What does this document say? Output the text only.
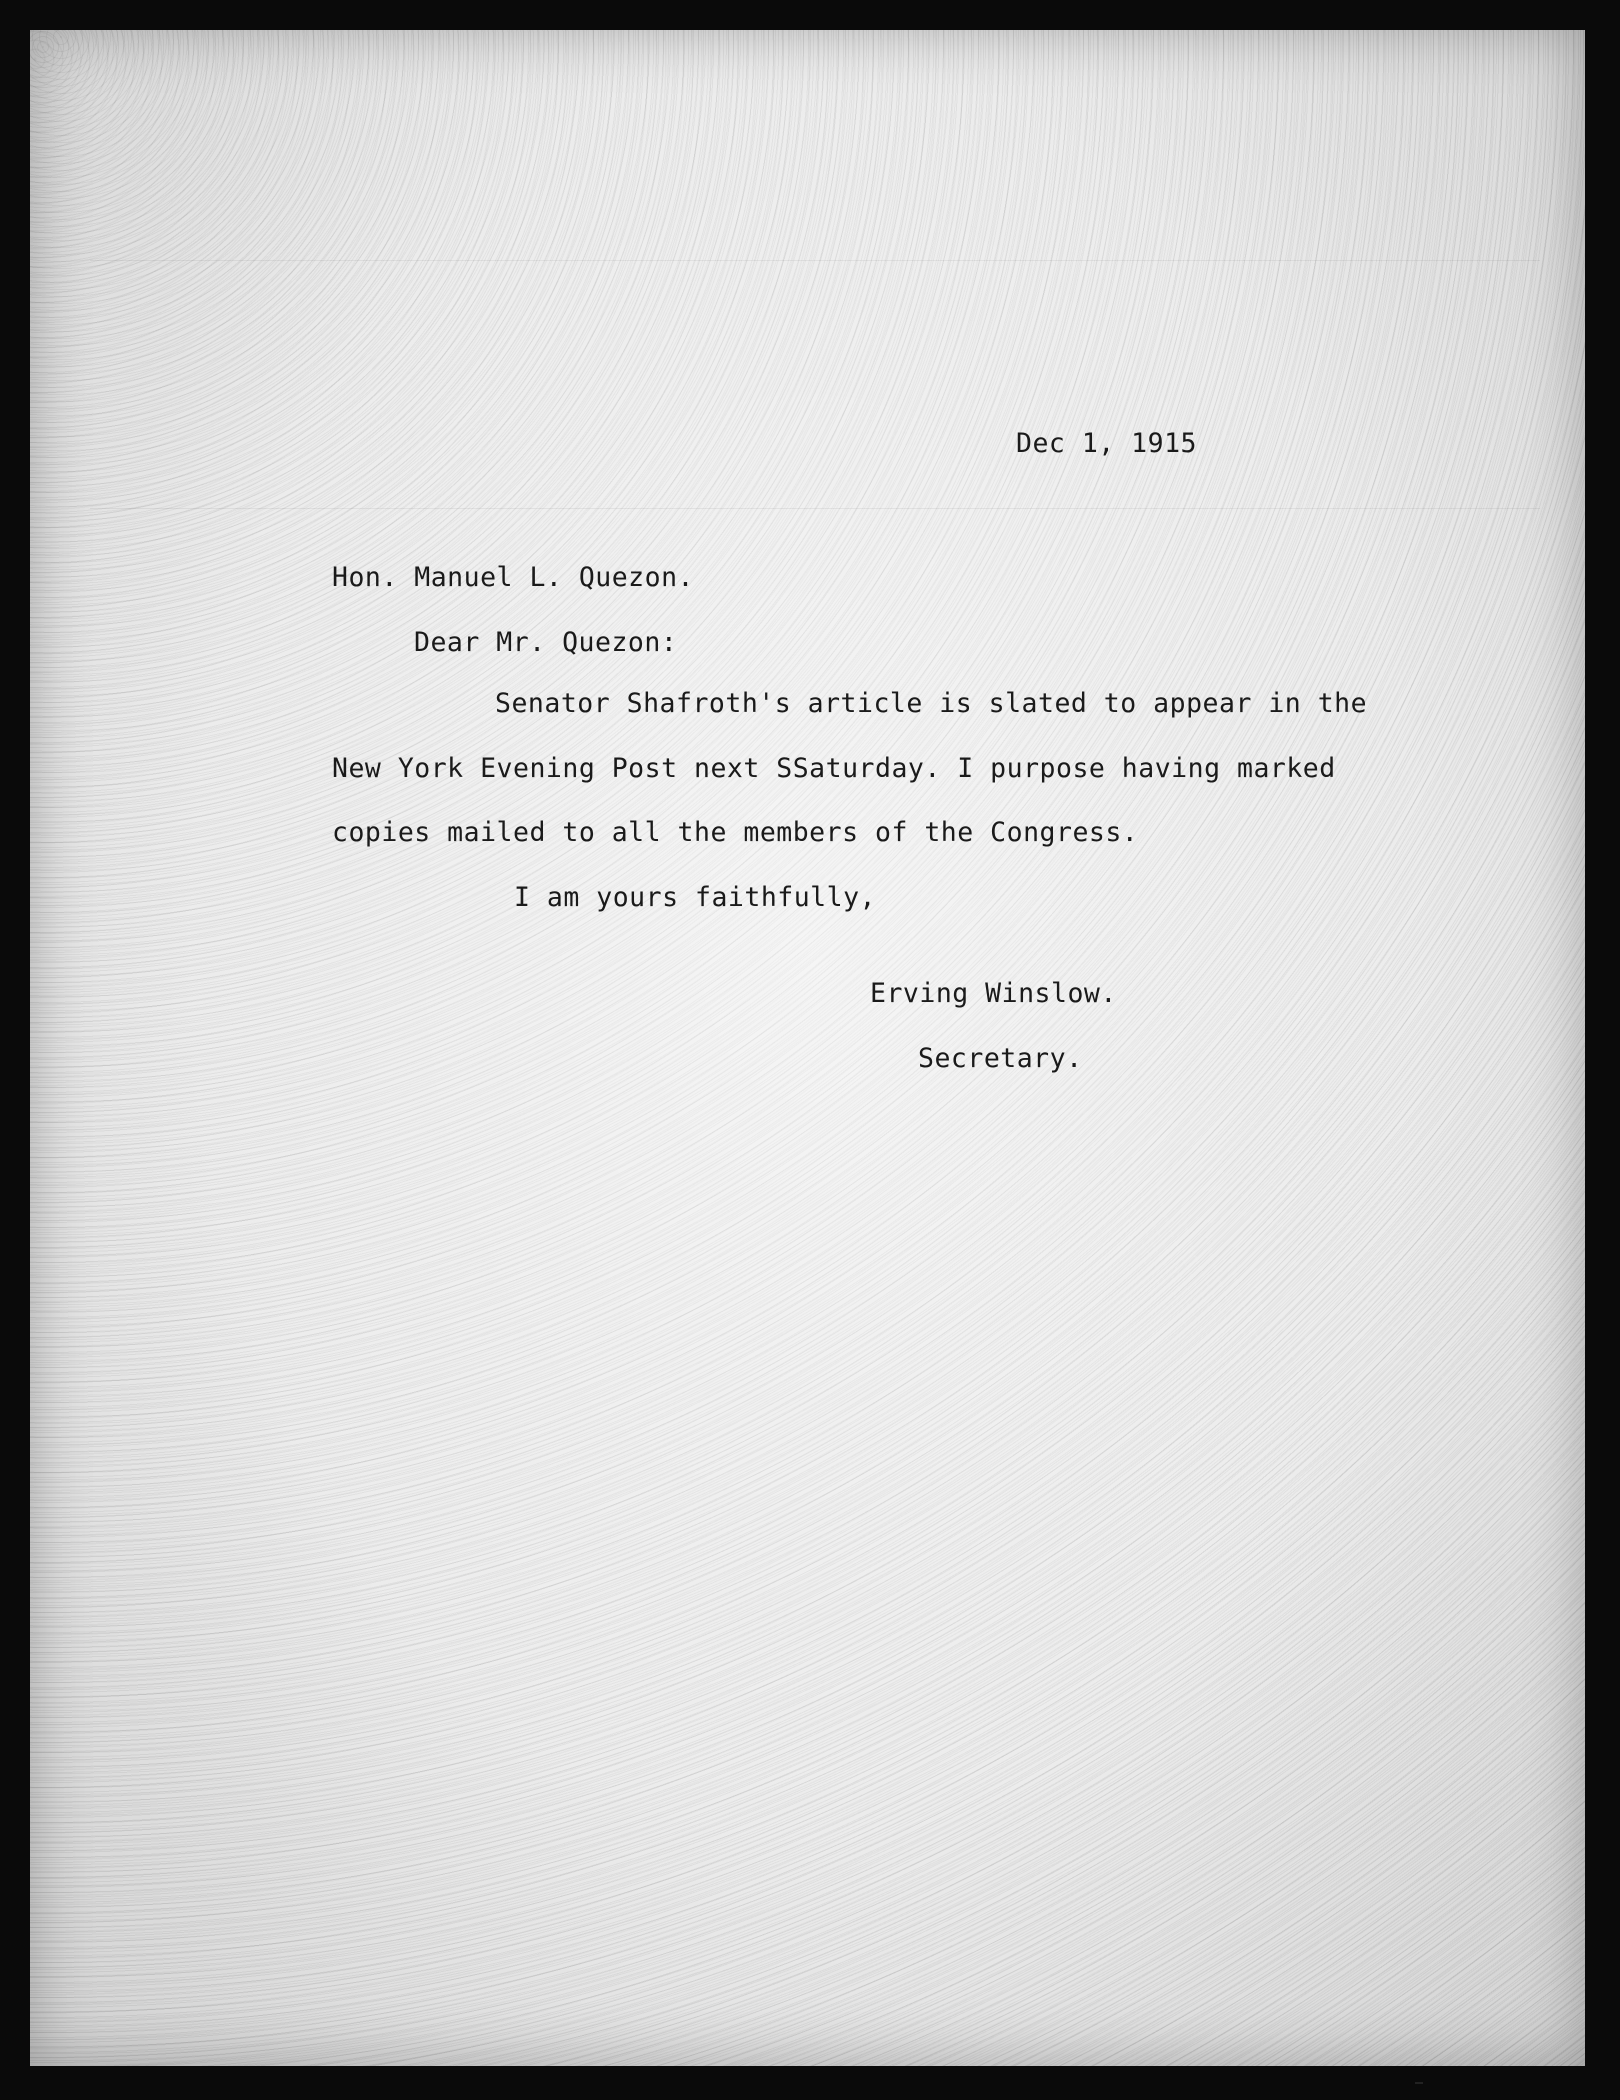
Dec 1, 1915
Hon. Manuel L. Quezon.
Dear Mr. Quezon:
Senator Shafroth's article is slated to appear in the
New York Evening Post next SSaturday. I purpose having marked
copies mailed to all the members of the Congress.
I am yours faithfully,
Erving Winslow.
Secretary.
